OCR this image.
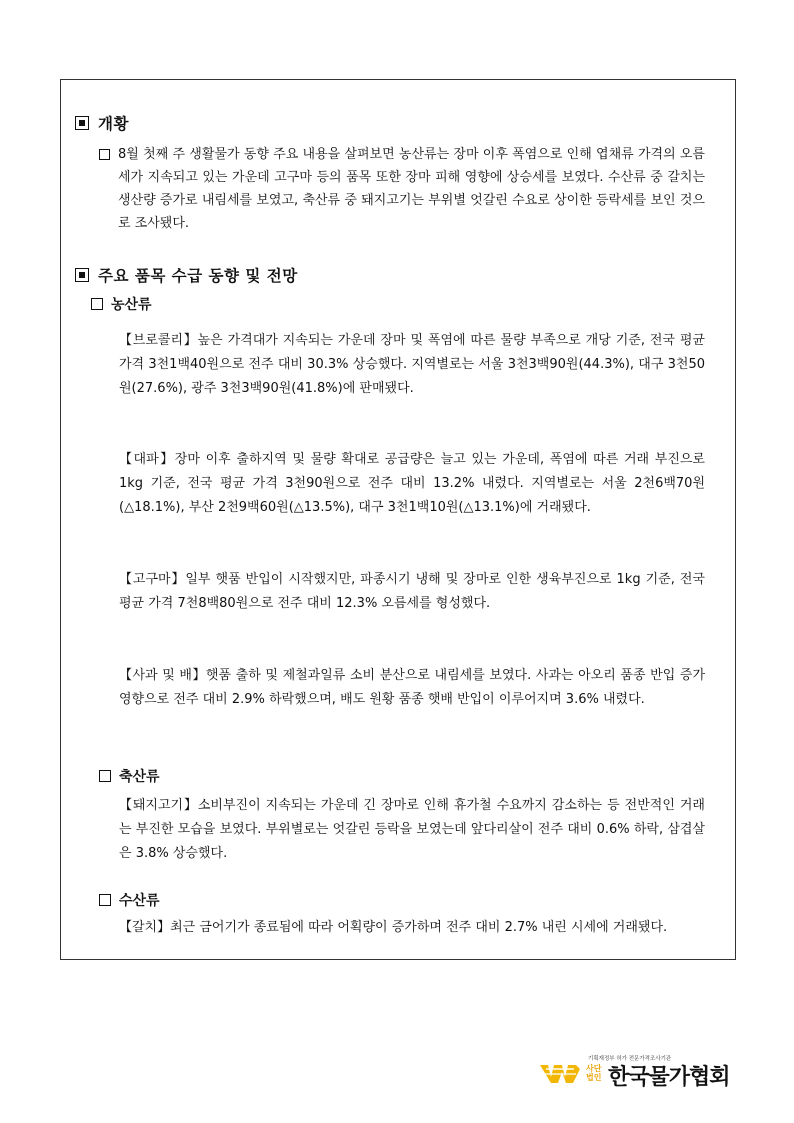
개황
8월 첫째 주 생활물가 동향 주요 내용을 살펴보면 농산류는 장마 이후 폭염으로 인해 엽채류 가격의 오름세가 지속되고 있는 가운데 고구마 등의 품목 또한 장마 피해 영향에 상승세를 보였다. 수산류 중 갈치는 생산량 증가로 내림세를 보였고, 축산류 중 돼지고기는 부위별 엇갈린 수요로 상이한 등락세를 보인 것으로 조사됐다.
주요 품목 수급 동향 및 전망
농산류
【브로콜리】높은 가격대가 지속되는 가운데 장마 및 폭염에 따른 물량 부족으로 개당 기준, 전국 평균 가격 3천1백40원으로 전주 대비 30.3% 상승했다. 지역별로는 서울 3천3백90원(44.3%), 대구 3천50원(27.6%), 광주 3천3백90원(41.8%)에 판매됐다.
【대파】장마 이후 출하지역 및 물량 확대로 공급량은 늘고 있는 가운데, 폭염에 따른 거래 부진으로 1kg 기준, 전국 평균 가격 3천90원으로 전주 대비 13.2% 내렸다. 지역별로는 서울 2천6백70원(△18.1%), 부산 2천9백60원(△13.5%), 대구 3천1백10원(△13.1%)에 거래됐다.
【고구마】일부 햇품 반입이 시작했지만, 파종시기 냉해 및 장마로 인한 생육부진으로 1kg 기준, 전국 평균 가격 7천8백80원으로 전주 대비 12.3% 오름세를 형성했다.
【사과 및 배】햇품 출하 및 제철과일류 소비 분산으로 내림세를 보였다. 사과는 아오리 품종 반입 증가 영향으로 전주 대비 2.9% 하락했으며, 배도 원황 품종 햇배 반입이 이루어지며 3.6% 내렸다.
축산류
【돼지고기】소비부진이 지속되는 가운데 긴 장마로 인해 휴가철 수요까지 감소하는 등 전반적인 거래는 부진한 모습을 보였다. 부위별로는 엇갈린 등락을 보였는데 앞다리살이 전주 대비 0.6% 하락, 삼겹살은 3.8% 상승했다.
수산류
【갈치】최근 금어기가 종료됨에 따라 어획량이 증가하며 전주 대비 2.7% 내린 시세에 거래됐다.
기획재정부 허가 전문가격조사기관
사단
법인 한국물가협회
